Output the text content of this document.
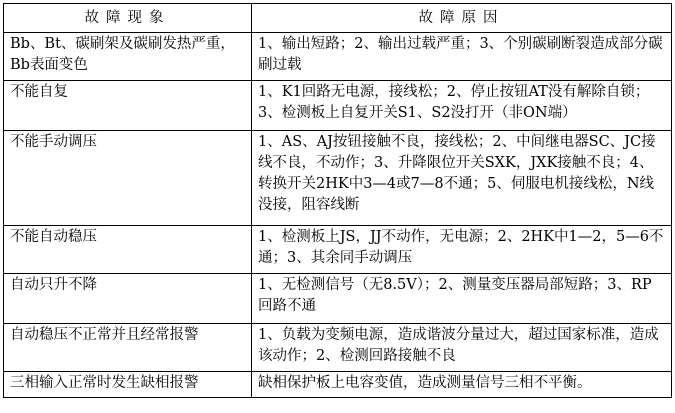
故障现象	故障原因
Bb、Bt、碳刷架及碳刷发热严重，Bb表面变色	1、输出短路；2、输出过载严重；3、个别碳刷断裂造成部分碳刷过载
不能自复	1、K1回路无电源，接线松；2、停止按钮AT没有解除自锁；3、检测板上自复开关S1、S2没打开（非ON端）
不能手动调压	1、AS、AJ按钮接触不良，接线松；2、中间继电器SC、JC接线不良，不动作；3、升降限位开关SXK，JXK接触不良；4、转换开关2HK中3—4或7—8不通；5、伺服电机接线松，N线没接，阻容线断
不能自动稳压	1、检测板上JS，JJ不动作，无电源；2、2HK中1—2，5—6不通；3、其余同手动调压
自动只升不降	1、无检测信号（无8.5V）；2、测量变压器局部短路；3、RP回路不通
自动稳压不正常并且经常报警	1、负载为变频电源，造成谐波分量过大，超过国家标准，造成该动作；2、检测回路接触不良
三相输入正常时发生缺相报警	缺相保护板上电容变值，造成测量信号三相不平衡。
